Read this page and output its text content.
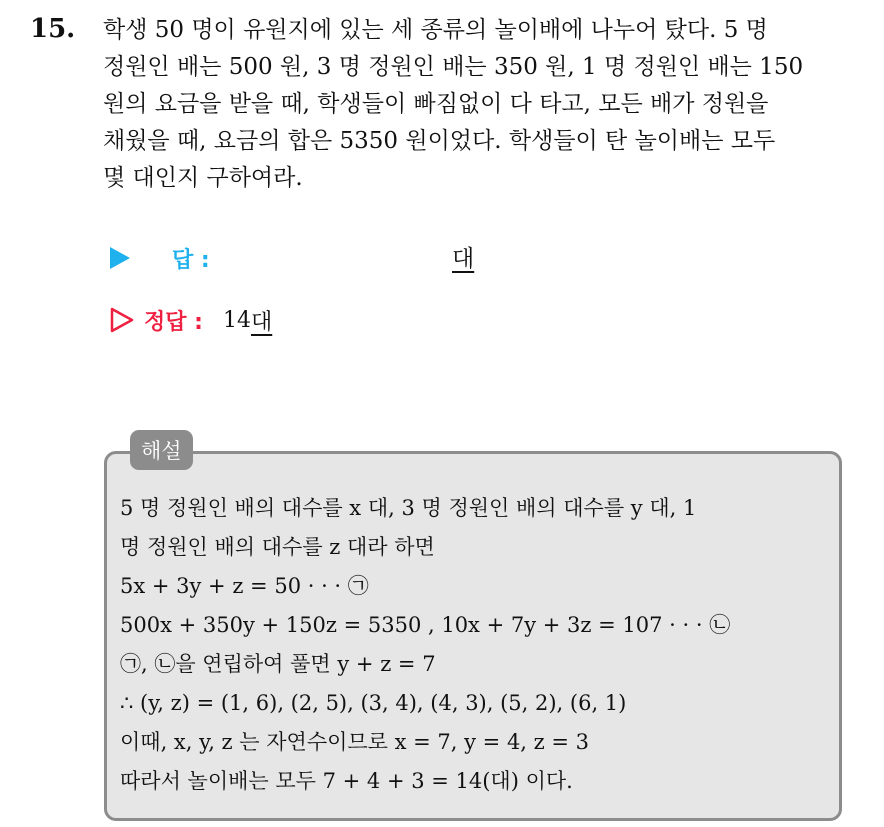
15. 학생 50 명이 유원지에 있는 세 종류의 놀이배에 나누어 탔다. 5 명
정원인 배는 500 원, 3 명 정원인 배는 350 원, 1 명 정원인 배는 150
원의 요금을 받을 때, 학생들이 빠짐없이 다 타고, 모든 배가 정원을
채웠을 때, 요금의 합은 5350 원이었다. 학생들이 탄 놀이배는 모두
몇 대인지 구하여라.
답 :	대
정답 : 14 대
해설
5 명 정원인 배의 대수를 x 대, 3 명 정원인 배의 대수를 y 대, 1
명 정원인 배의 대수를 z 대라 하면
5x + 3y + z = 50 · · · ㉠
500x + 350y + 150z = 5350 , 10x + 7y + 3z = 107 · · · ㉡
㉠, ㉡을 연립하여 풀면 y + z = 7
∴ (y, z) = (1, 6), (2, 5), (3, 4), (4, 3), (5, 2), (6, 1)
이때, x, y, z 는 자연수이므로 x = 7, y = 4, z = 3
따라서 놀이배는 모두 7 + 4 + 3 = 14(대) 이다.
